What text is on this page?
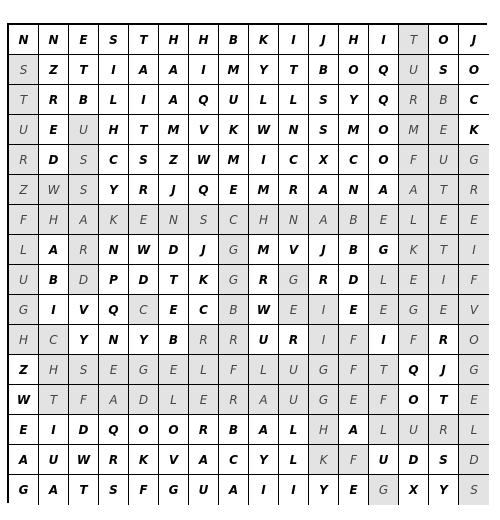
N	N	E	S	T	H	H	B	K	I	J	H	I	T	O	J
S	Z	T	I	A	A	I	M	Y	T	B	O	Q	U	S	O
T	R	B	L	I	A	Q	U	L	L	S	Y	Q	R	B	C
U	E	U	H	T	M	V	K	W	N	S	M	O	M	E	K
R	D	S	C	S	Z	W	M	I	C	X	C	O	F	U	G
Z	W	S	Y	R	J	Q	E	M	R	A	N	A	A	T	R
F	H	A	K	E	N	S	C	H	N	A	B	E	L	E	E
L	A	R	N	W	D	J	G	M	V	J	B	G	K	T	I
U	B	D	P	D	T	K	G	R	G	R	D	L	E	I	F
G	I	V	Q	C	E	C	B	W	E	I	E	E	G	E	V
H	C	Y	N	Y	B	R	R	U	R	I	F	I	F	R	O
Z	H	S	E	G	E	L	F	L	U	G	F	T	Q	J	G
W	T	F	A	D	L	E	R	A	U	G	E	F	O	T	E
E	I	D	Q	O	O	R	B	A	L	H	A	L	U	R	L
A	U	W	R	K	V	A	C	Y	L	K	F	U	D	S	D
G	A	T	S	F	G	U	A	I	I	Y	E	G	X	Y	S
